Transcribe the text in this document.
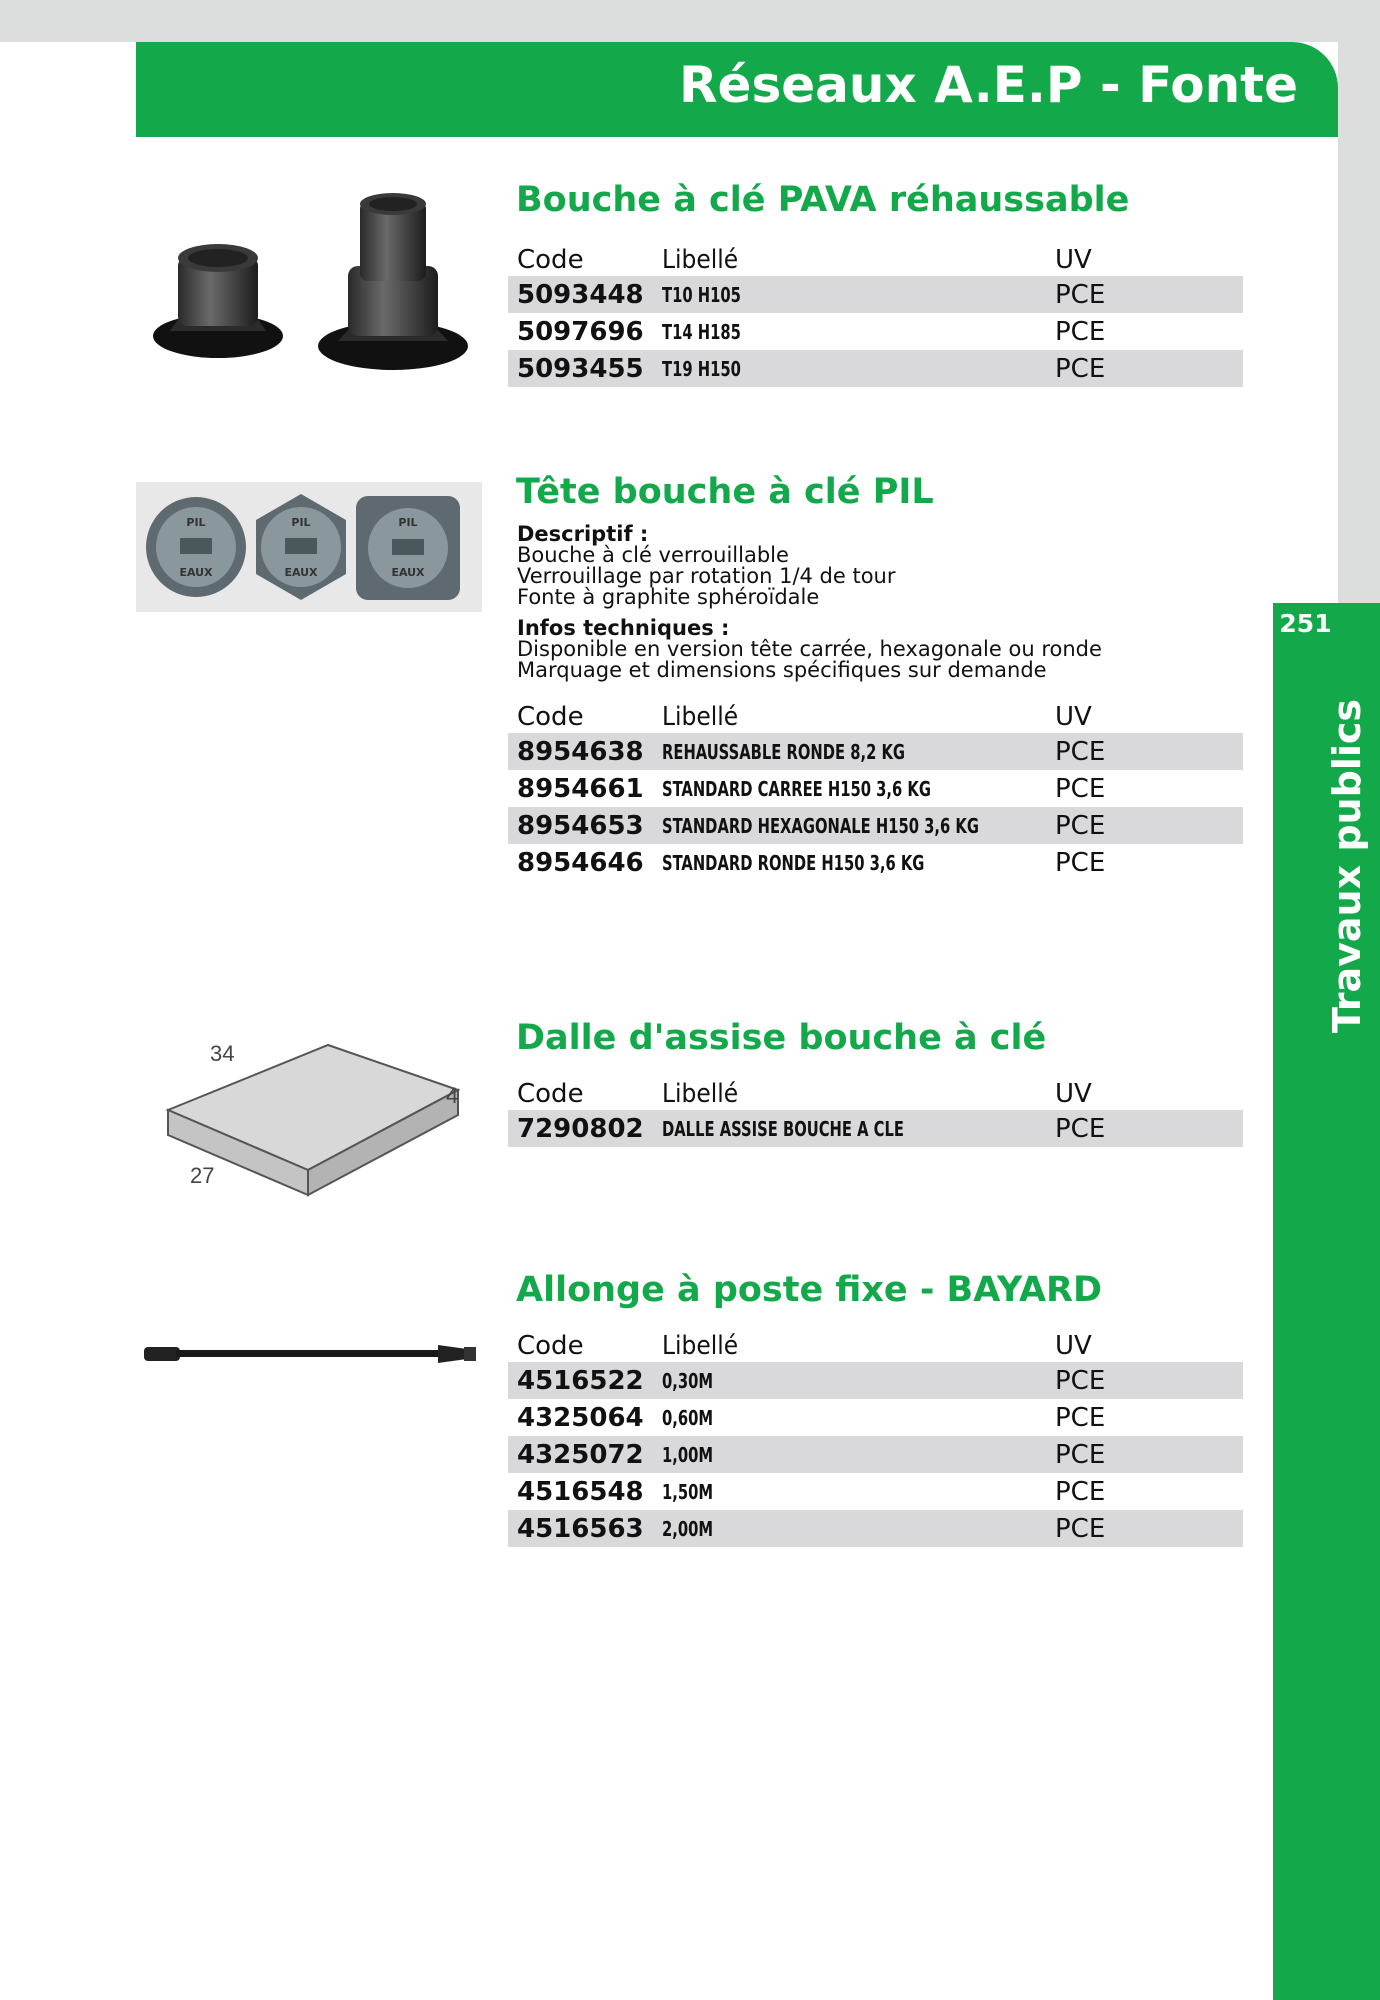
Réseaux A.E.P - Fonte
251
Travaux publics
PIL
EAUX
PIL
EAUX
PIL
EAUX
34
27
4
Bouche à clé PAVA réhaussable
Code	Libellé	UV
5093448	T10 H105	PCE
5097696	T14 H185	PCE
5093455	T19 H150	PCE
Tête bouche à clé PIL
Descriptif :
Bouche à clé verrouillable
Verrouillage par rotation 1/4 de tour
Fonte à graphite sphéroïdale
Infos techniques :
Disponible en version tête carrée, hexagonale ou ronde
Marquage et dimensions spécifiques sur demande
Code	Libellé	UV
8954638	REHAUSSABLE RONDE 8,2 KG	PCE
8954661	STANDARD CARREE H150 3,6 KG	PCE
8954653	STANDARD HEXAGONALE H150 3,6 KG	PCE
8954646	STANDARD RONDE H150 3,6 KG	PCE
Dalle d'assise bouche à clé
Code	Libellé	UV
7290802	DALLE ASSISE BOUCHE A CLE	PCE
Allonge à poste fixe - BAYARD
Code	Libellé	UV
4516522	0,30M	PCE
4325064	0,60M	PCE
4325072	1,00M	PCE
4516548	1,50M	PCE
4516563	2,00M	PCE
